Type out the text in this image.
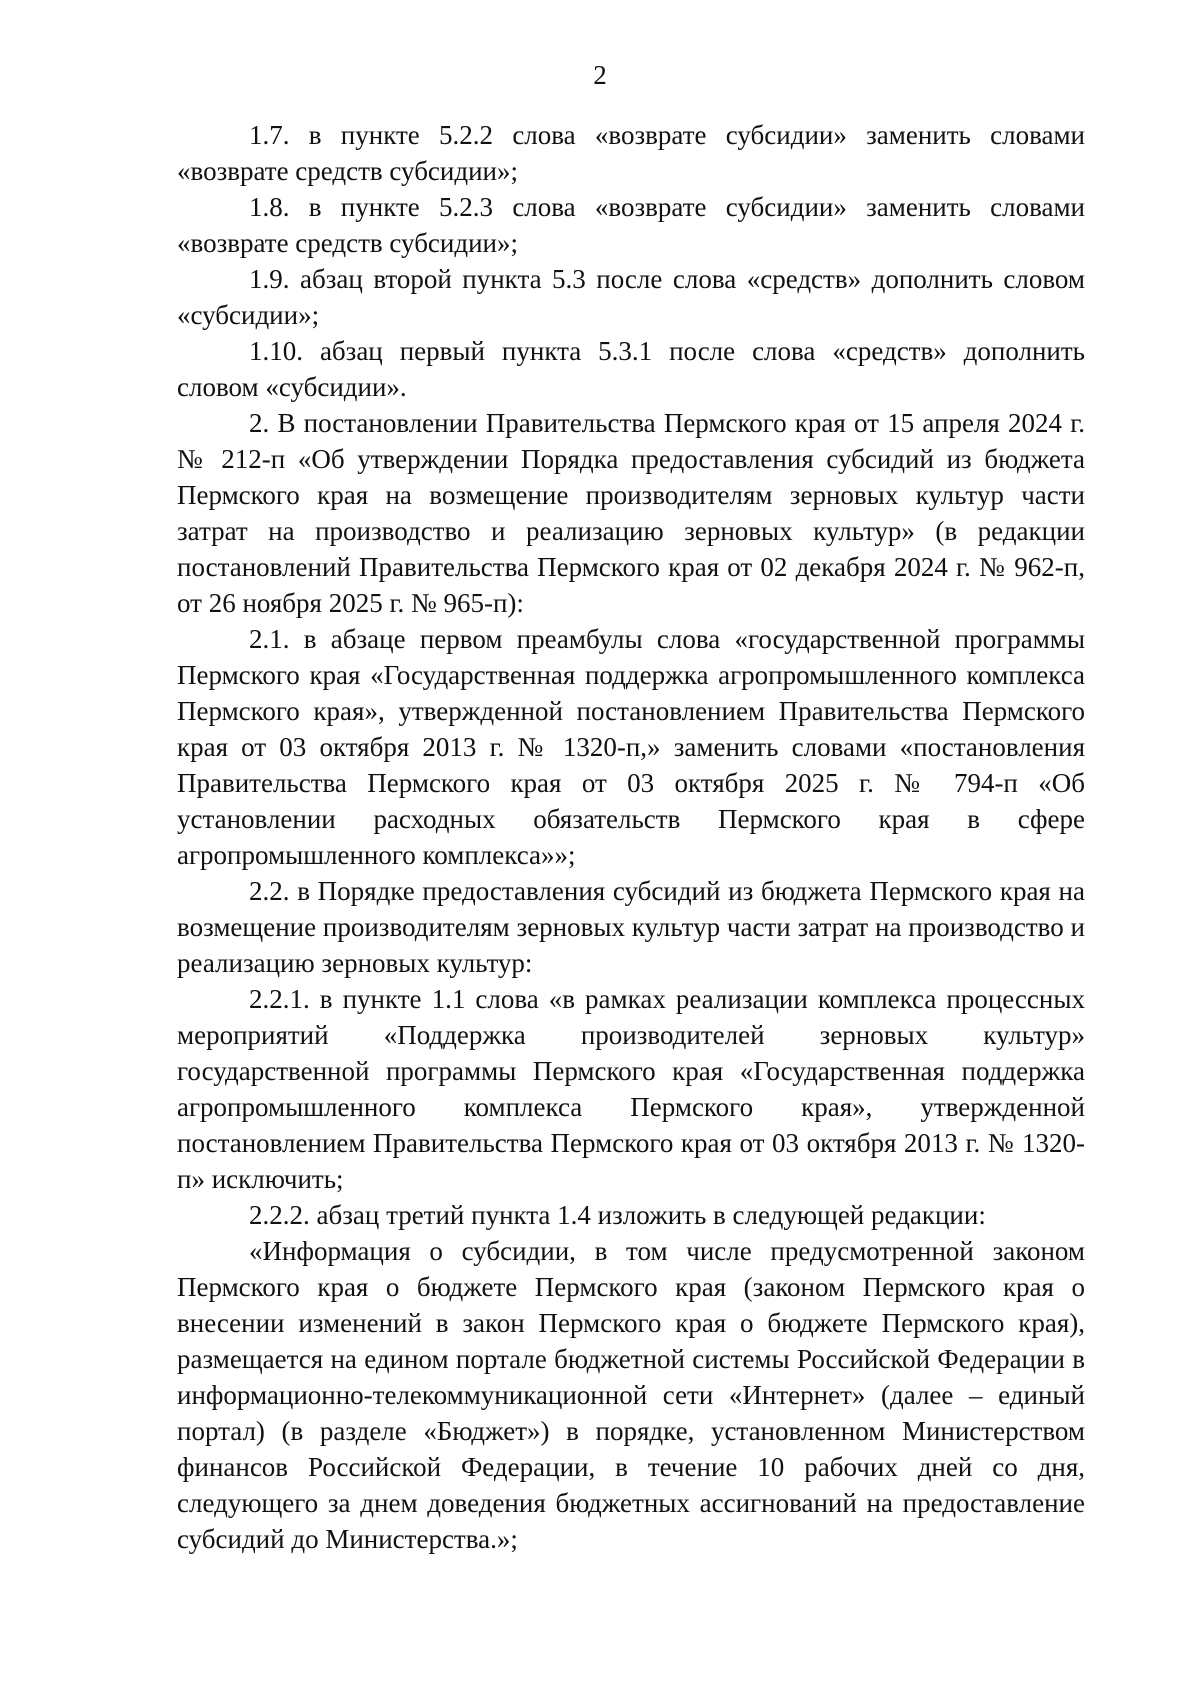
2

1.7. в пункте 5.2.2 слова «возврате субсидии» заменить словами «возврате средств субсидии»;

1.8. в пункте 5.2.3 слова «возврате субсидии» заменить словами «возврате средств субсидии»;

1.9. абзац второй пункта 5.3 после слова «средств» дополнить словом «субсидии»;

1.10. абзац первый пункта 5.3.1 после слова «средств» дополнить словом «субсидии».

2. В постановлении Правительства Пермского края от 15 апреля 2024 г. № 212-п «Об утверждении Порядка предоставления субсидий из бюджета Пермского края на возмещение производителям зерновых культур части затрат на производство и реализацию зерновых культур» (в редакции постановлений Правительства Пермского края от 02 декабря 2024 г. № 962-п, от 26 ноября 2025 г. № 965-п):

2.1. в абзаце первом преамбулы слова «государственной программы Пермского края «Государственная поддержка агропромышленного комплекса Пермского края», утвержденной постановлением Правительства Пермского края от 03 октября 2013 г. № 1320-п,» заменить словами «постановления Правительства Пермского края от 03 октября 2025 г. № 794-п «Об установлении расходных обязательств Пермского края в сфере агропромышленного комплекса»»;

2.2. в Порядке предоставления субсидий из бюджета Пермского края на возмещение производителям зерновых культур части затрат на производство и реализацию зерновых культур:

2.2.1. в пункте 1.1 слова «в рамках реализации комплекса процессных мероприятий «Поддержка производителей зерновых культур» государственной программы Пермского края «Государственная поддержка агропромышленного комплекса Пермского края», утвержденной постановлением Правительства Пермского края от 03 октября 2013 г. № 1320-п» исключить;

2.2.2. абзац третий пункта 1.4 изложить в следующей редакции:

«Информация о субсидии, в том числе предусмотренной законом Пермского края о бюджете Пермского края (законом Пермского края о внесении изменений в закон Пермского края о бюджете Пермского края), размещается на едином портале бюджетной системы Российской Федерации в информационно-телекоммуникационной сети «Интернет» (далее – единый портал) (в разделе «Бюджет») в порядке, установленном Министерством финансов Российской Федерации, в течение 10 рабочих дней со дня, следующего за днем доведения бюджетных ассигнований на предоставление субсидий до Министерства.»;
